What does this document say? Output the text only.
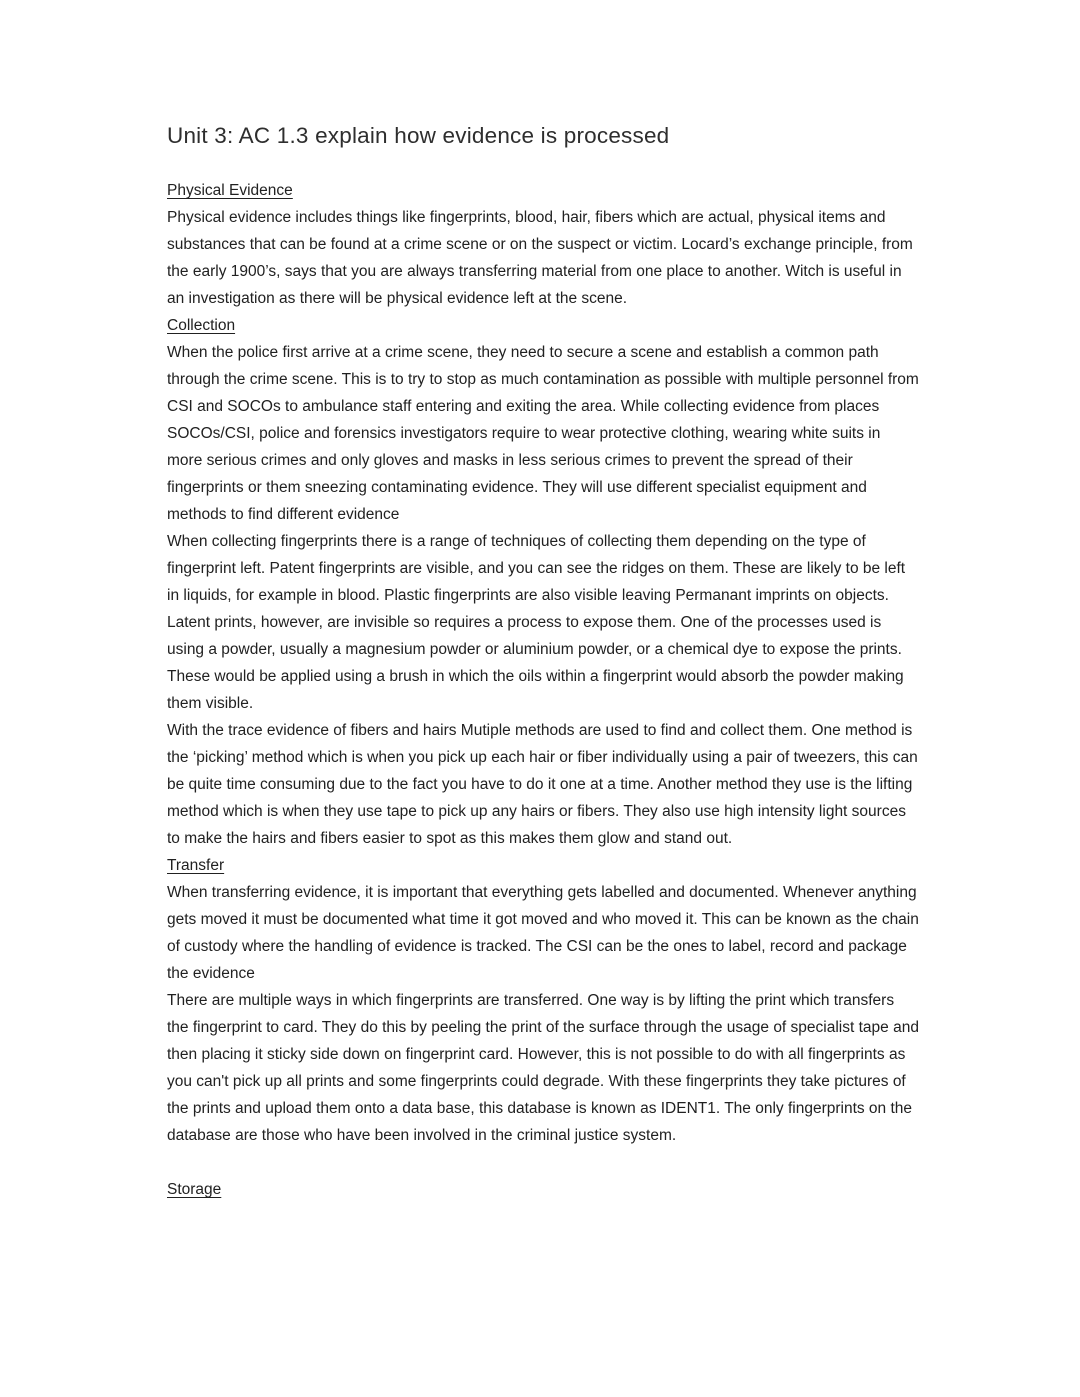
Unit 3: AC 1.3 explain how evidence is processed
Physical Evidence

Physical evidence includes things like fingerprints, blood, hair, fibers which are actual, physical items and substances that can be found at a crime scene or on the suspect or victim. Locard’s exchange principle, from the early 1900’s, says that you are always transferring material from one place to another. Witch is useful in an investigation as there will be physical evidence left at the scene.

Collection

When the police first arrive at a crime scene, they need to secure a scene and establish a common path through the crime scene. This is to try to stop as much contamination as possible with multiple personnel from CSI and SOCOs to ambulance staff entering and exiting the area. While collecting evidence from places SOCOs/CSI, police and forensics investigators require to wear protective clothing, wearing white suits in more serious crimes and only gloves and masks in less serious crimes to prevent the spread of their fingerprints or them sneezing contaminating evidence. They will use different specialist equipment and methods to find different evidence

When collecting fingerprints there is a range of techniques of collecting them depending on the type of fingerprint left. Patent fingerprints are visible, and you can see the ridges on them. These are likely to be left in liquids, for example in blood. Plastic fingerprints are also visible leaving Permanant imprints on objects. Latent prints, however, are invisible so requires a process to expose them. One of the processes used is using a powder, usually a magnesium powder or aluminium powder, or a chemical dye to expose the prints. These would be applied using a brush in which the oils within a fingerprint would absorb the powder making them visible.

With the trace evidence of fibers and hairs Mutiple methods are used to find and collect them. One method is the ‘picking’ method which is when you pick up each hair or fiber individually using a pair of tweezers, this can be quite time consuming due to the fact you have to do it one at a time. Another method they use is the lifting method which is when they use tape to pick up any hairs or fibers. They also use high intensity light sources to make the hairs and fibers easier to spot as this makes them glow and stand out.

Transfer

When transferring evidence, it is important that everything gets labelled and documented. Whenever anything gets moved it must be documented what time it got moved and who moved it. This can be known as the chain of custody where the handling of evidence is tracked. The CSI can be the ones to label, record and package the evidence

There are multiple ways in which fingerprints are transferred. One way is by lifting the print which transfers the fingerprint to card. They do this by peeling the print of the surface through the usage of specialist tape and then placing it sticky side down on fingerprint card. However, this is not possible to do with all fingerprints as you can't pick up all prints and some fingerprints could degrade. With these fingerprints they take pictures of the prints and upload them onto a data base, this database is known as IDENT1. The only fingerprints on the database are those who have been involved in the criminal justice system.

Storage
